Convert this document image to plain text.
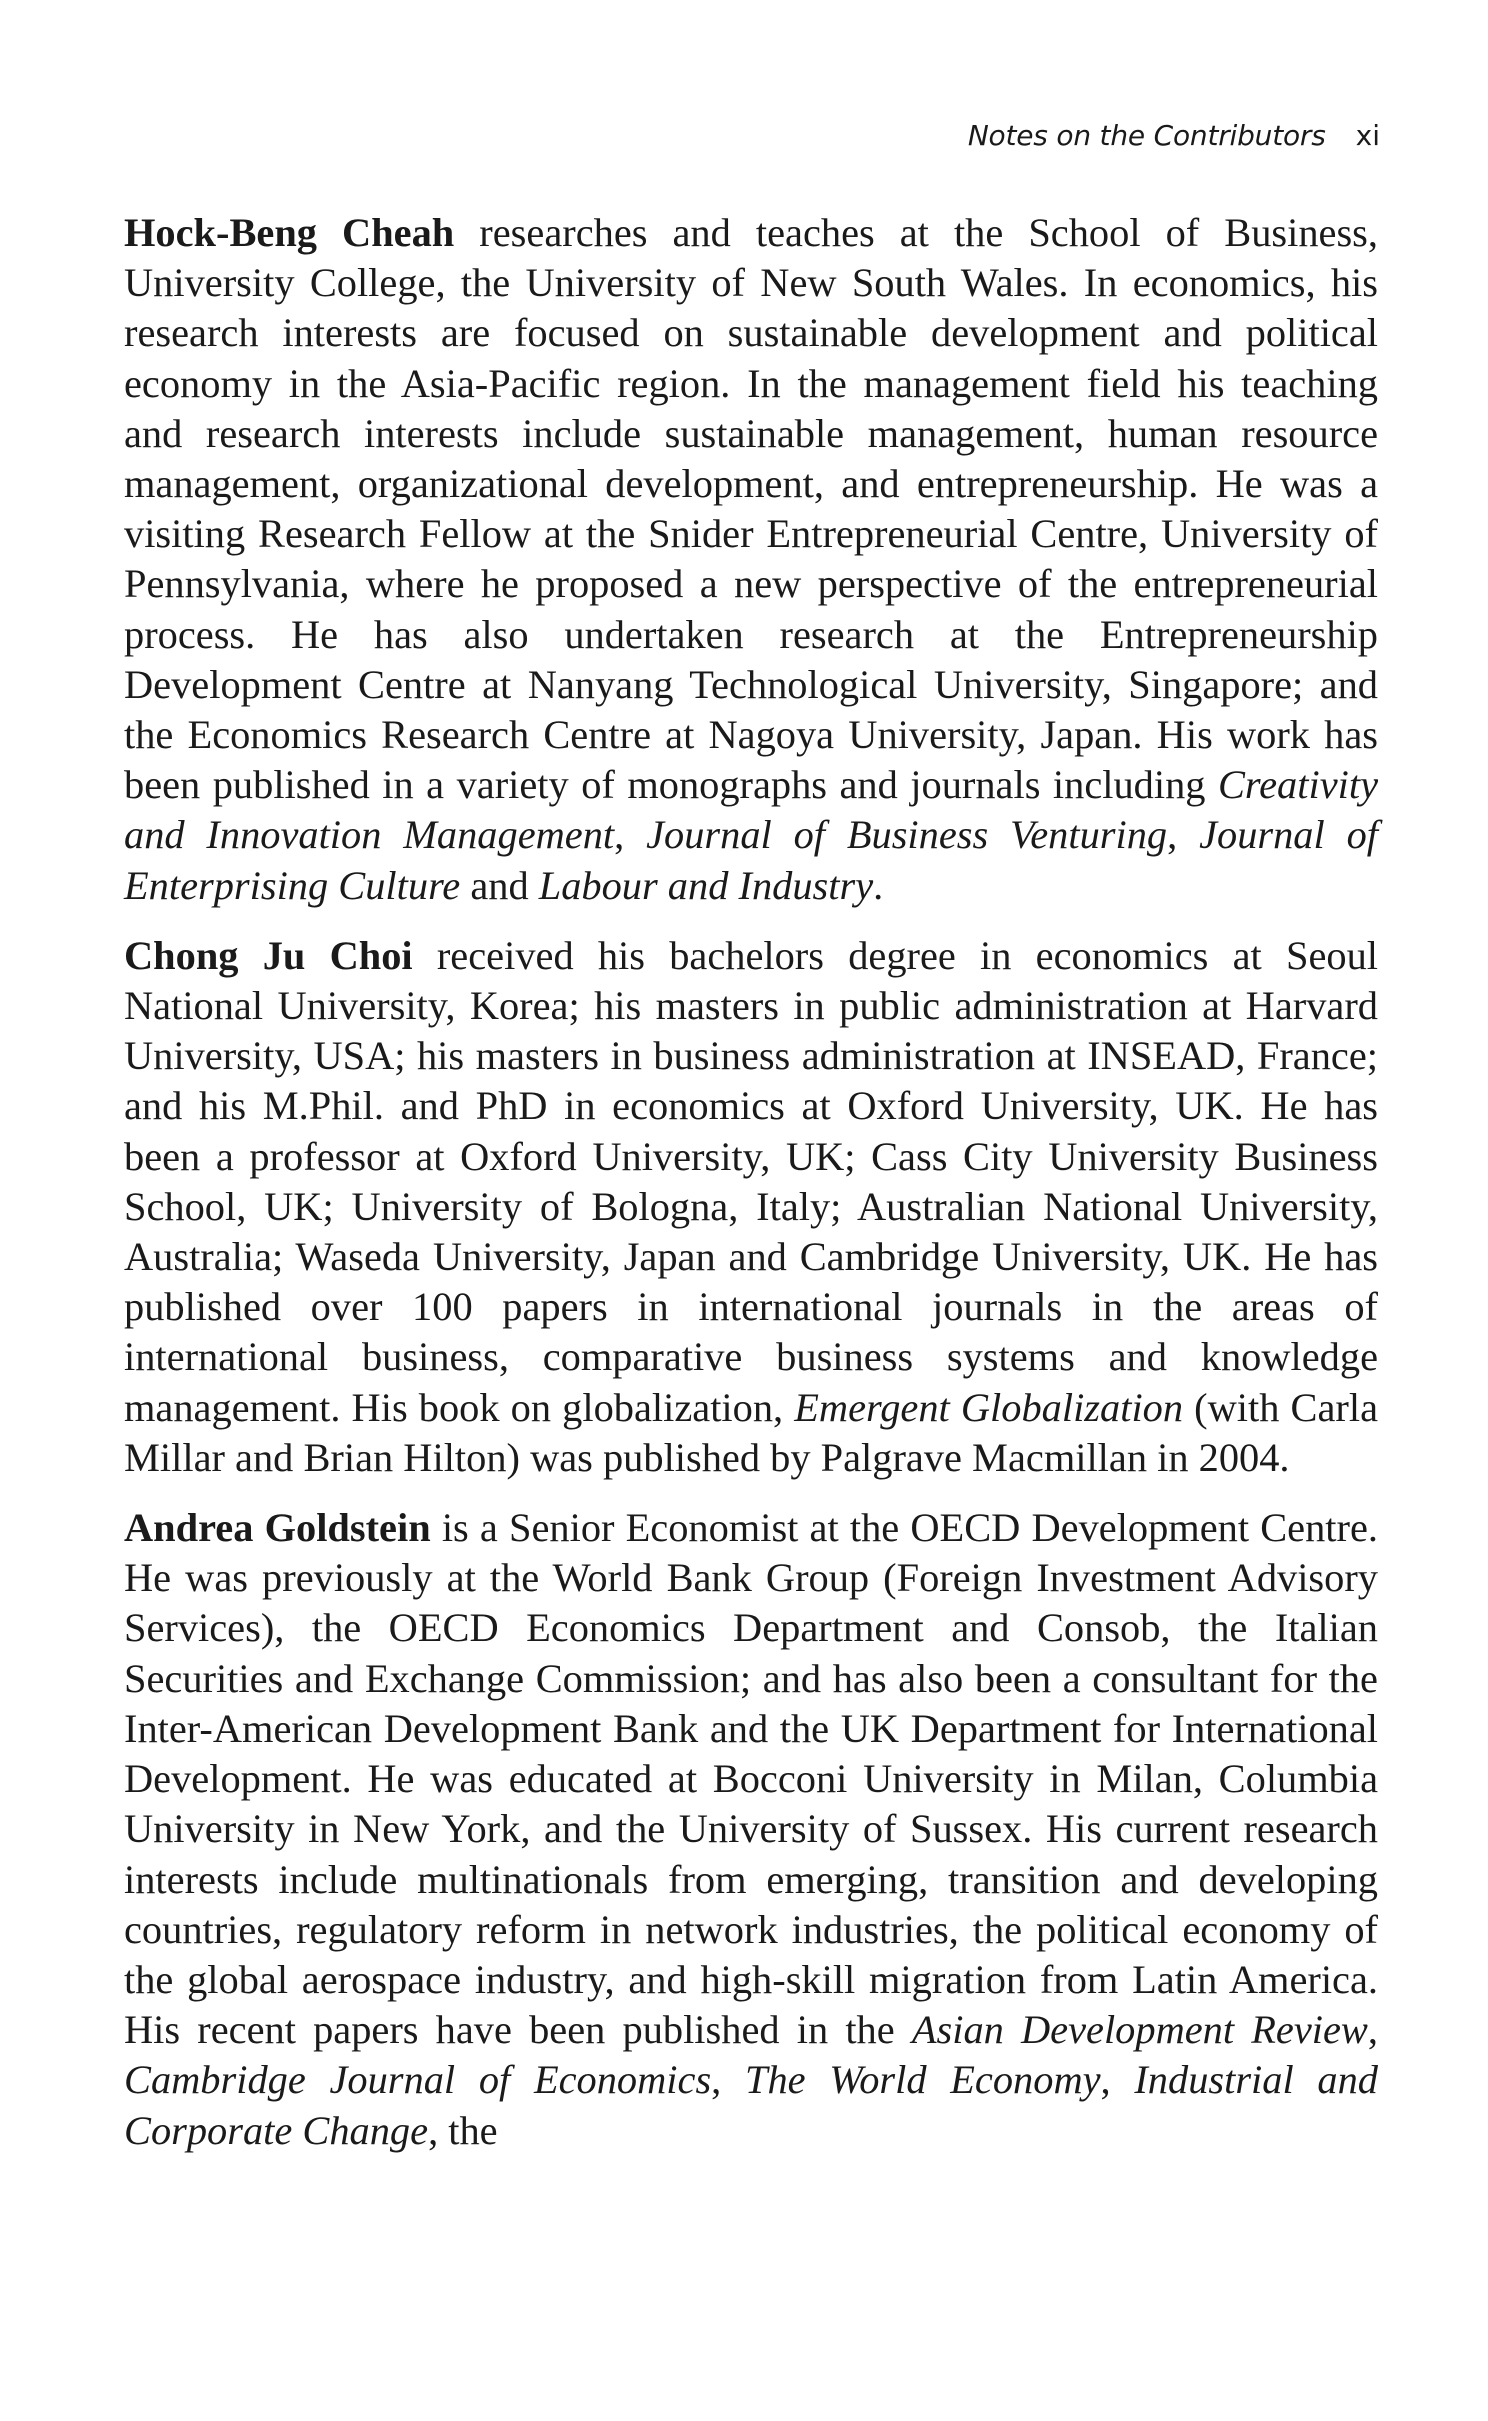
Notes on the Contributors xi

Hock-Beng Cheah researches and teaches at the School of Business, University College, the University of New South Wales. In economics, his research interests are focused on sustainable development and political economy in the Asia-Pacific region. In the management field his teaching and research interests include sustainable management, human resource management, organizational development, and entrepreneurship. He was a visiting Research Fellow at the Snider Entrepreneurial Centre, University of Pennsylvania, where he proposed a new perspective of the entrepreneurial process. He has also undertaken research at the Entrepreneurship Development Centre at Nanyang Technological University, Singapore; and the Economics Research Centre at Nagoya University, Japan. His work has been published in a variety of monographs and journals including Creativity and Innovation Management, Journal of Business Venturing, Journal of Enterprising Culture and Labour and Industry.

Chong Ju Choi received his bachelors degree in economics at Seoul National University, Korea; his masters in public administration at Harvard University, USA; his masters in business administration at INSEAD, France; and his M.Phil. and PhD in economics at Oxford University, UK. He has been a professor at Oxford University, UK; Cass City University Business School, UK; University of Bologna, Italy; Australian National University, Australia; Waseda University, Japan and Cambridge University, UK. He has published over 100 papers in international journals in the areas of international business, comparative business systems and knowledge management. His book on globalization, Emergent Globalization (with Carla Millar and Brian Hilton) was published by Palgrave Macmillan in 2004.

Andrea Goldstein is a Senior Economist at the OECD Development Centre. He was previously at the World Bank Group (Foreign Investment Advisory Services), the OECD Economics Department and Consob, the Italian Securities and Exchange Commission; and has also been a consultant for the Inter-American Development Bank and the UK Department for International Development. He was educated at Bocconi University in Milan, Columbia University in New York, and the University of Sussex. His current research interests include multinationals from emerging, transition and developing countries, regulatory reform in network industries, the political economy of the global aerospace industry, and high-skill migration from Latin America. His recent papers have been published in the Asian Development Review, Cambridge Journal of Economics, The World Economy, Industrial and Corporate Change, the
